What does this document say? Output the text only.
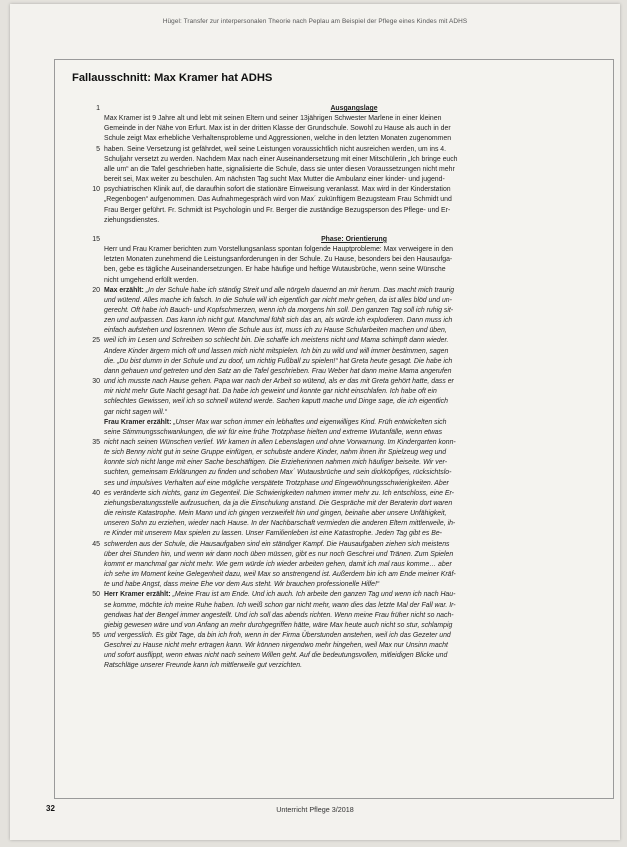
Hügel: Transfer zur interpersonalen Theorie nach Peplau am Beispiel der Pflege eines Kindes mit ADHS
Fallausschnitt: Max Kramer hat ADHS

1	Ausgangslage

Max Kramer ist 9 Jahre alt und lebt mit seinen Eltern und seiner 13jährigen Schwester Marlene in einer kleinen

Gemeinde in der Nähe von Erfurt. Max ist in der dritten Klasse der Grundschule. Sowohl zu Hause als auch in der

Schule zeigt Max erhebliche Verhaltensprobleme und Aggressionen, welche in den letzten Monaten zugenommen

5 haben. Seine Versetzung ist gefährdet, weil seine Leistungen voraussichtlich nicht ausreichen werden, um ins 4.

Schuljahr versetzt zu werden. Nachdem Max nach einer Auseinandersetzung mit einer Mitschülerin „Ich bringe euch

alle um“ an die Tafel geschrieben hatte, signalisierte die Schule, dass sie unter diesen Voraussetzungen nicht mehr

bereit sei, Max weiter zu beschulen. Am nächsten Tag sucht Max Mutter die Ambulanz einer kinder- und jugend-

10 psychiatrischen Klinik auf, die daraufhin sofort die stationäre Einweisung veranlasst. Max wird in der Kinderstation

„Regenbogen“ aufgenommen. Das Aufnahmegespräch wird von Max´ zukünftigem Bezugsteam Frau Schmidt und

Frau Berger geführt. Fr. Schmidt ist Psychologin und Fr. Berger die zuständige Bezugsperson des Pflege- und Er-

ziehungsdienstes.

15	Phase: Orientierung

Herr und Frau Kramer berichten zum Vorstellungsanlass spontan folgende Hauptprobleme: Max verweigere in den

letzten Monaten zunehmend die Leistungsanforderungen in der Schule. Zu Hause, besonders bei den Hausaufga-

ben, gebe es tägliche Auseinandersetzungen. Er habe häufige und heftige Wutausbrüche, wenn seine Wünsche

nicht umgehend erfüllt werden.

20 Max erzählt: „In der Schule habe ich ständig Streit und alle nörgeln dauernd an mir herum. Das macht mich traurig

und wütend. Alles mache ich falsch. In die Schule will ich eigentlich gar nicht mehr gehen, da ist alles blöd und un-

gerecht. Oft habe ich Bauch- und Kopfschmerzen, wenn ich da morgens hin soll. Den ganzen Tag soll ich ruhig sit-

zen und aufpassen. Das kann ich nicht gut. Manchmal fühlt sich das an, als würde ich explodieren. Dann muss ich

einfach aufstehen und losrennen. Wenn die Schule aus ist, muss ich zu Hause Schularbeiten machen und üben,

25 weil ich im Lesen und Schreiben so schlecht bin. Die schaffe ich meistens nicht und Mama schimpft dann wieder.

Andere Kinder ärgern mich oft und lassen mich nicht mitspielen. Ich bin zu wild und will immer bestimmen, sagen

die. „Du bist dumm in der Schule und zu doof, um richtig Fußball zu spielen!“ hat Greta heute gesagt. Die habe ich

dann gehauen und getreten und den Satz an die Tafel geschrieben. Frau Weber hat dann meine Mama angerufen

30 und ich musste nach Hause gehen. Papa war nach der Arbeit so wütend, als er das mit Greta gehört hatte, dass er

mir nicht mehr Gute Nacht gesagt hat. Da habe ich geweint und konnte gar nicht einschlafen. Ich habe oft ein

schlechtes Gewissen, weil ich so schnell wütend werde. Sachen kaputt mache und Dinge sage, die ich eigentlich

gar nicht sagen will.“

Frau Kramer erzählt: „Unser Max war schon immer ein lebhaftes und eigenwilliges Kind. Früh entwickelten sich

seine Stimmungsschwankungen, die wir für eine frühe Trotzphase hielten und extreme Wutanfälle, wenn etwas

35 nicht nach seinen Wünschen verlief. Wir kamen in allen Lebenslagen und ohne Vorwarnung. Im Kindergarten konn-

te sich Benny nicht gut in seine Gruppe einfügen, er schubste andere Kinder, nahm ihnen ihr Spielzeug weg und

konnte sich nicht lange mit einer Sache beschäftigen. Die Erzieherinnen nahmen mich häufiger beiseite. Wir ver-

suchten, gemeinsam Erklärungen zu finden und schoben Max´ Wutausbrüche und sein dickköpfiges, rücksichtslo-

ses und impulsives Verhalten auf eine mögliche verspätete Trotzphase und Eingewöhnungsschwierigkeiten. Aber

40 es veränderte sich nichts, ganz im Gegenteil. Die Schwierigkeiten nahmen immer mehr zu. Ich entschloss, eine Er-

ziehungsberatungsstelle aufzusuchen, da ja die Einschulung anstand. Die Gespräche mit der Beraterin dort waren

die reinste Katastrophe. Mein Mann und ich gingen verzweifelt hin und gingen, beinahe aber unsere Unfähigkeit,

unseren Sohn zu erziehen, wieder nach Hause. In der Nachbarschaft vermieden die anderen Eltern mittlerweile, ih-

re Kinder mit unserem Max spielen zu lassen. Unser Familienleben ist eine Katastrophe. Jeden Tag gibt es Be-

45 schwerden aus der Schule, die Hausaufgaben sind ein ständiger Kampf. Die Hausaufgaben ziehen sich meistens

über drei Stunden hin, und wenn wir dann noch üben müssen, gibt es nur noch Geschrei und Tränen. Zum Spielen

kommt er manchmal gar nicht mehr. Wie gern würde ich wieder arbeiten gehen, damit ich mal raus komme… aber

ich sehe im Moment keine Gelegenheit dazu, weil Max so anstrengend ist. Außerdem bin ich am Ende meiner Kräf-

te und habe Angst, dass meine Ehe vor dem Aus steht. Wir brauchen professionelle Hilfe!“

50 Herr Kramer erzählt: „Meine Frau ist am Ende. Und ich auch. Ich arbeite den ganzen Tag und wenn ich nach Hau-

se komme, möchte ich meine Ruhe haben. Ich weiß schon gar nicht mehr, wann dies das letzte Mal der Fall war. Ir-

gendwas hat der Bengel immer angestellt. Und ich soll das abends richten. Wenn meine Frau früher nicht so nach-

giebig gewesen wäre und von Anfang an mehr durchgegriffen hätte, wäre Max heute auch nicht so stur, schlampig

55 und vergesslich. Es gibt Tage, da bin ich froh, wenn in der Firma Überstunden anstehen, weil ich das Gezeter und

Geschrei zu Hause nicht mehr ertragen kann. Wir können nirgendwo mehr hingehen, weil Max nur Unsinn macht

und sofort ausflippt, wenn etwas nicht nach seinem Willen geht. Auf die bedeutungsvollen, mitleidigen Blicke und

Ratschläge unserer Freunde kann ich mittlerweile gut verzichten.

32	Unterricht Pflege 3/2018
